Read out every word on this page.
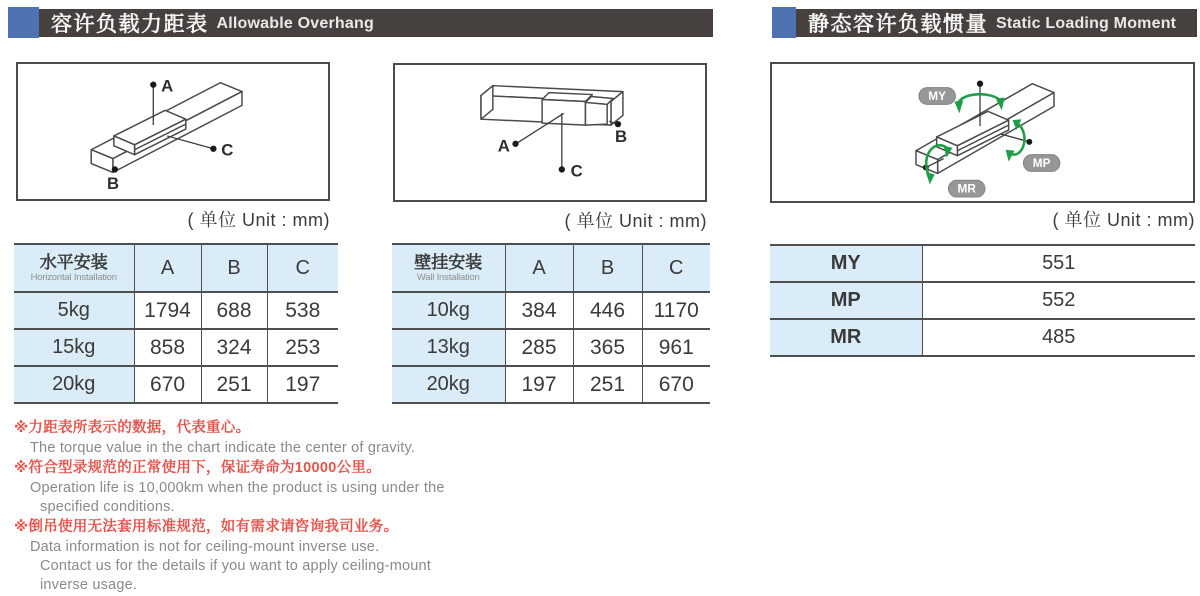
容许负载力距表 Allowable Overhang	静态容许负载惯量 Static Loading Moment
A
B
C
( 单位 Unit : mm)
A
B
C
( 单位 Unit : mm)
MY
MP
MR
( 单位 Unit : mm)
水平安装
Horizontal Installation	A	B	C
5kg	1794	688	538
15kg	858	324	253
20kg	670	251	197
壁挂安装
Wall Installation	A	B	C
10kg	384	446	1170
13kg	285	365	961
20kg	197	251	670
MY	551
MP	552
MR	485
※力距表所表示的数据，代表重心。
The torque value in the chart indicate the center of gravity.
※符合型录规范的正常使用下，保证寿命为10000公里。
Operation life is 10,000km when the product is using under the
specified conditions.
※倒吊使用无法套用标准规范，如有需求请咨询我司业务。
Data information is not for ceiling-mount inverse use.
Contact us for the details if you want to apply ceiling-mount
inverse usage.
